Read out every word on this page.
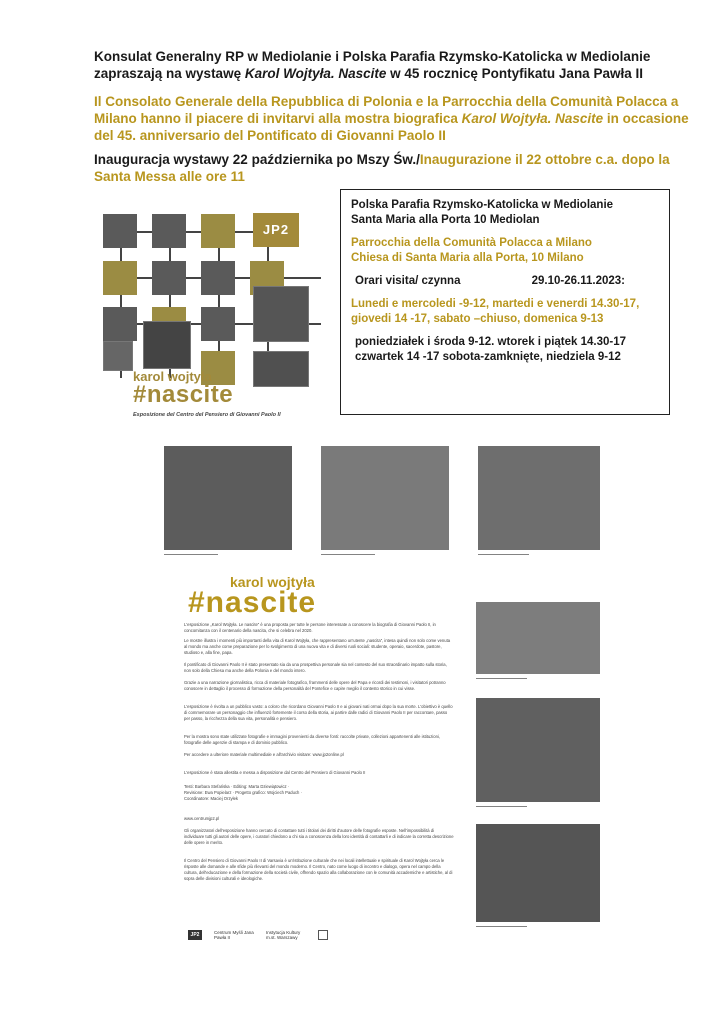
Konsulat Generalny RP w Mediolanie i Polska Parafia Rzymsko-Katolicka w Mediolanie
zapraszają na wystawę Karol Wojtyła. Nascite w 45 rocznicę Pontyfikatu Jana Pawła II
Il Consolato Generale della Repubblica di Polonia e la Parrocchia della Comunità Polacca a Milano hanno il piacere di invitarvi alla mostra biografica Karol Wojtyła. Nascite in occasione del 45. anniversario del Pontificato di Giovanni Paolo II
Inauguracja wystawy 22 października po Mszy Św./Inaugurazione il 22 ottobre c.a. dopo la Santa Messa alle ore 11
JP2
karol wojtyła
#nascite
Esposizione del Centro del Pensiero di Giovanni Paolo II
Polska Parafia Rzymsko-Katolicka w Mediolanie
Santa Maria alla Porta 10 Mediolan
Parrocchia della Comunità Polacca a Milano
Chiesa di Santa Maria alla Porta, 10 Milano
Orari visita/ czynna	29.10-26.11.2023:
Lunedi e mercoledi -9-12, martedi e venerdi 14.30-17, giovedi 14 -17, sabato –chiuso, domenica 9-13
poniedziałek i środa 9-12. wtorek i piątek 14.30-17 czwartek 14 -17 sobota-zamknięte, niedziela 9-12
▬▬▬▬▬▬▬▬▬▬▬▬▬▬▬▬▬▬	▬▬▬▬▬▬▬▬▬▬▬▬▬▬▬▬▬▬	▬▬▬▬▬▬▬▬▬▬▬▬▬▬▬▬▬
karol wojtyła
#nascite
L'esposizione „Karol Wojtyła. Le nascite” è una proposta per tutte le persone interessate a conoscere la biografia di Giovanni Paolo II, in concomitanza con il centenario della nascita, che si celebra nel 2020.
Le mostre illustra i momenti più importanti della vita di Karol Wojtyła, che rappresentano un'utente „nascita”, intesa quindi non solo come venuta al mondo ma anche come preparazione per lo svolgimento di una nuova vita e di diversi ruoli sociali: studente, operaio, sacerdote, pastore, studioso e, alla fine, papa.
Il pontificato di Giovanni Paolo II è stato presentato sia da una prospettiva personale sia nel contesto del suo straordinario impatto sulla storia, non solo della Chiesa ma anche della Polonia e del mondo intero.
Grazie a una narrazione giornalistica, ricca di materiale fotografico, frammenti delle opere del Papa e ricordi dei testimoni, i visitatori potranno conoscere in dettaglio il processo di formazione della personalità del Pontefice e capire meglio il contesto storico in cui visse.
L'esposizione è rivolta a un pubblico vasto: a coloro che ricordano Giovanni Paolo II e ai giovani nati ormai dopo la sua morte. L'obiettivo è quello di commemorare un personaggio che influenzò fortemente il corso della storia, ai partire dalle radici di Giovanni Paolo II per raccontare, passo per passo, la ricchezza della sua vita, personalità e pensiero.
Per la mostra sono state utilizzate fotografie e immagini provenienti da diverse fonti: raccolte private, collezioni appartenenti alle istituzioni, fotografie delle agenzie di stampa e di dominio pubblico.
Per accedere a ulteriore materiale multimediale e all'archivio visitare: www.jp2online.pl
L'esposizione è stata allestita e messa a disposizione dal Centro del Pensiero di Giovanni Paolo II
Testi: Barbara Stefańska · Editing: Marta Dziewiątowicz · Revisione: Ewa Popielarz · Progetto grafico: Wojciech Paduch · Coordinatore: Maciej Orzyłek
www.centrumjp2.pl
Gli organizzatori dell'esposizione hanno cercato di contattare tutti i titolari dei diritti d'autore delle fotografie esposte. Nell'impossibilità di individuare tutti gli autori delle opere, i curatori chiedono a chi sia a conoscenza della loro identità di contattarli e di indicare la corretta descrizione delle opere in merito.
Il Centro del Pensiero di Giovanni Paolo II di Varsavia è un'istituzione culturale che nei locali intellettuale e spirituale di Karol Wojtyła cerca le risposte alle domande e alle sfide più rilevanti del mondo moderno. Il Centro, nato come luogo di incontro e dialogo, opera nel campo della cultura, dell'educazione e della formazione della società civile, offrendo spazio alla collaborazione con le comunità accademiche e artistiche, al di sopra delle divisioni culturali e ideologiche.
JP2	Centrum Myśli Jana Pawła II
Instytucja Kultury m.st. Warszawy
▬▬▬▬▬▬▬▬▬▬▬▬▬▬▬▬▬
▬▬▬▬▬▬▬▬▬▬▬▬▬▬▬▬▬
▬▬▬▬▬▬▬▬▬▬▬▬▬▬▬▬▬
